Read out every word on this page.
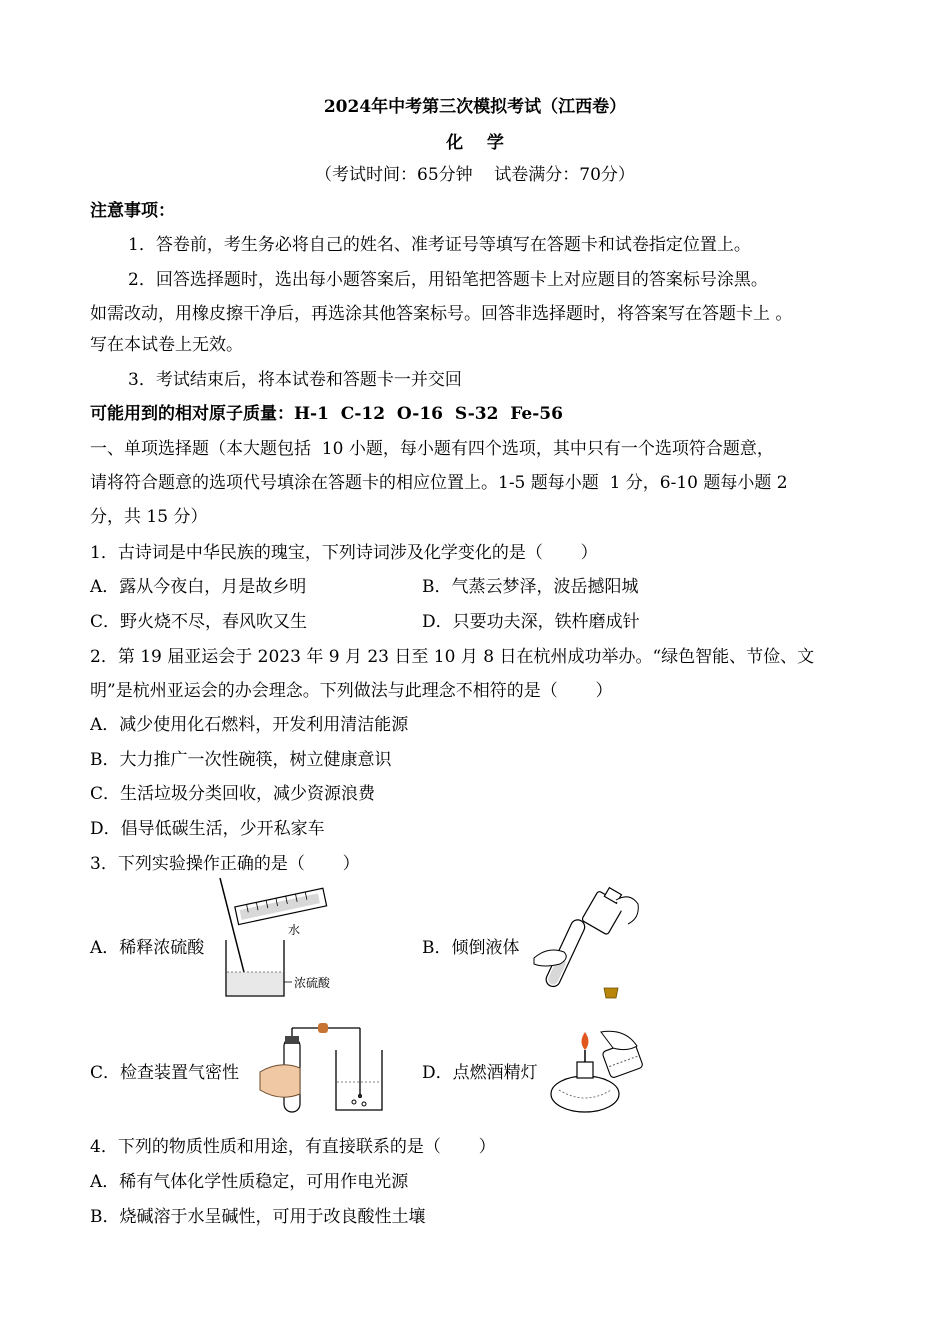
2024年中考第三次模拟考试（江西卷）
化    学
（考试时间：65分钟    试卷满分：70分）
注意事项：
1．答卷前，考生务必将自己的姓名、准考证号等填写在答题卡和试卷指定位置上。
2．回答选择题时，选出每小题答案后，用铅笔把答题卡上对应题目的答案标号涂黑。
如需改动，用橡皮擦干净后，再选涂其他答案标号。回答非选择题时，将答案写在答题卡上 。
写在本试卷上无效。
3．考试结束后，将本试卷和答题卡一并交回
可能用到的相对原子质量：H-1  C-12  O-16  S-32  Fe-56
一、单项选择题（本大题包括  10 小题，每小题有四个选项，其中只有一个选项符合题意，
请将符合题意的选项代号填涂在答题卡的相应位置上。1-5 题每小题  1 分，6-10 题每小题 2
分，共 15 分）
1．古诗词是中华民族的瑰宝，下列诗词涉及化学变化的是（       ）
A．露从今夜白，月是故乡明	B．气蒸云梦泽，波岳撼阳城
C．野火烧不尽，春风吹又生	D．只要功夫深，铁杵磨成针
2．第 19 届亚运会于 2023 年 9 月 23 日至 10 月 8 日在杭州成功举办。“绿色智能、节俭、文
明”是杭州亚运会的办会理念。下列做法与此理念不相符的是（       ）
A．减少使用化石燃料，开发利用清洁能源
B．大力推广一次性碗筷，树立健康意识
C．生活垃圾分类回收，减少资源浪费
D．倡导低碳生活，少开私家车
3．下列实验操作正确的是（       ）
A．稀释浓硫酸	B．倾倒液体
C．检查装置气密性	D．点燃酒精灯
水
浓硫酸
4．下列的物质性质和用途，有直接联系的是（       ）
A．稀有气体化学性质稳定，可用作电光源
B．烧碱溶于水呈碱性，可用于改良酸性土壤
